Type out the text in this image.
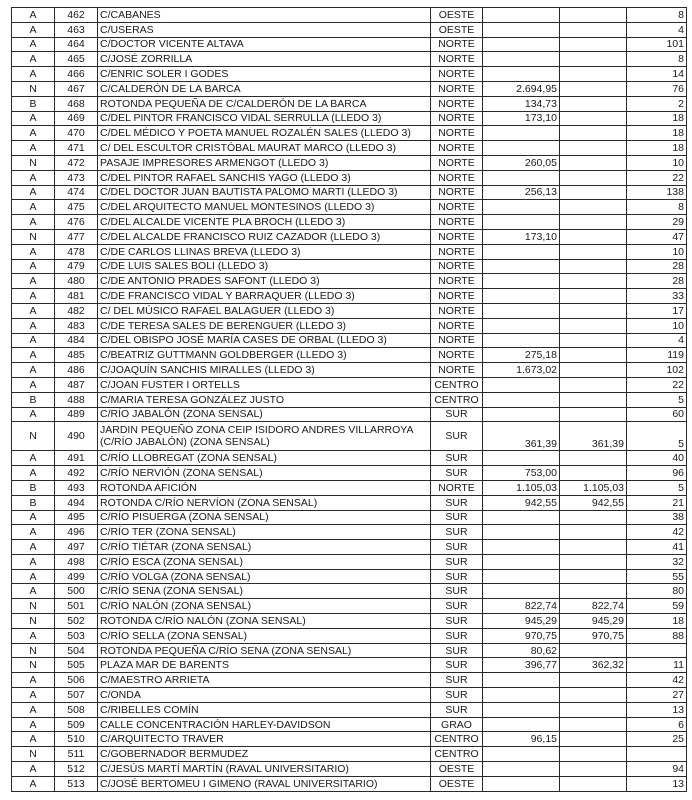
A	462	C/CABANES	OESTE			8
A	463	C/USERAS	OESTE			4
A	464	C/DOCTOR VICENTE ALTAVA	NORTE			101
A	465	C/JOSÉ ZORRILLA	NORTE			8
A	466	C/ENRIC SOLER I GODES	NORTE			14
N	467	C/CALDERÓN DE LA BARCA	NORTE	2.694,95		76
B	468	ROTONDA PEQUEÑA DE C/CALDERÓN DE LA BARCA	NORTE	134,73		2
A	469	C/DEL PINTOR FRANCISCO VIDAL SERRULLA (LLEDO 3)	NORTE	173,10		18
A	470	C/DEL MÉDICO Y POETA MANUEL ROZALÉN SALES (LLEDO 3)	NORTE			18
A	471	C/ DEL ESCULTOR CRISTÓBAL MAURAT MARCO (LLEDO 3)	NORTE			18
N	472	PASAJE IMPRESORES ARMENGOT (LLEDO 3)	NORTE	260,05		10
A	473	C/DEL PINTOR RAFAEL SANCHIS YAGO (LLEDO 3)	NORTE			22
A	474	C/DEL DOCTOR JUAN BAUTISTA PALOMO MARTI (LLEDO 3)	NORTE	256,13		138
A	475	C/DEL ARQUITECTO MANUEL MONTESINOS (LLEDO 3)	NORTE			8
A	476	C/DEL ALCALDE VICENTE PLA BROCH (LLEDO 3)	NORTE			29
N	477	C/DEL ALCALDE FRANCISCO RUIZ CAZADOR (LLEDO 3)	NORTE	173,10		47
A	478	C/DE CARLOS LLINAS BREVA (LLEDO 3)	NORTE			10
A	479	C/DE LUIS SALES BOLI (LLEDO 3)	NORTE			28
A	480	C/DE ANTONIO PRADES SAFONT (LLEDO 3)	NORTE			28
A	481	C/DE FRANCISCO VIDAL Y BARRAQUER (LLEDO 3)	NORTE			33
A	482	C/ DEL MÚSICO RAFAEL BALAGUER (LLEDO 3)	NORTE			17
A	483	C/DE TERESA SALES DE BERENGUER (LLEDO 3)	NORTE			10
A	484	C/DEL OBISPO JOSÉ MARÍA CASES DE ORBAL (LLEDO 3)	NORTE			4
A	485	C/BEATRIZ GUTTMANN GOLDBERGER (LLEDO 3)	NORTE	275,18		119
A	486	C/JOAQUÍN SANCHIS MIRALLES (LLEDO 3)	NORTE	1.673,02		102
A	487	C/JOAN FUSTER I ORTELLS	CENTRO			22
B	488	C/MARIA TERESA GONZÁLEZ JUSTO	CENTRO			5
A	489	C/RÍO JABALÓN (ZONA SENSAL)	SUR			60
N	490	JARDIN PEQUEÑO ZONA CEIP ISIDORO ANDRES VILLARROYA (C/RÍO JABALÓN) (ZONA SENSAL)	SUR	361,39	361,39	5
A	491	C/RÍO LLOBREGAT (ZONA SENSAL)	SUR			40
A	492	C/RÍO NERVIÓN (ZONA SENSAL)	SUR	753,00		96
B	493	ROTONDA AFICIÓN	NORTE	1.105,03	1.105,03	5
B	494	ROTONDA C/RÍO NERVÍON (ZONA SENSAL)	SUR	942,55	942,55	21
A	495	C/RÍO PISUERGA (ZONA SENSAL)	SUR			38
A	496	C/RÍO TER (ZONA SENSAL)	SUR			42
A	497	C/RÍO TIÉTAR (ZONA SENSAL)	SUR			41
A	498	C/RÍO ESCA (ZONA SENSAL)	SUR			32
A	499	C/RÍO VOLGA (ZONA SENSAL)	SUR			55
A	500	C/RÍO SENA (ZONA SENSAL)	SUR			80
N	501	C/RÍO NALÓN (ZONA SENSAL)	SUR	822,74	822,74	59
N	502	ROTONDA C/RÍO NALÓN (ZONA SENSAL)	SUR	945,29	945,29	18
A	503	C/RÍO SELLA (ZONA SENSAL)	SUR	970,75	970,75	88
N	504	ROTONDA PEQUEÑA C/RÍO SENA (ZONA SENSAL)	SUR	80,62		
N	505	PLAZA MAR DE BARENTS	SUR	396,77	362,32	11
A	506	C/MAESTRO ARRIETA	SUR			42
A	507	C/ONDA	SUR			27
A	508	C/RIBELLES COMÍN	SUR			13
A	509	CALLE CONCENTRACIÓN HARLEY-DAVIDSON	GRAO			6
A	510	C/ARQUITECTO TRAVER	CENTRO	96,15		25
N	511	C/GOBERNADOR BERMUDEZ	CENTRO			
A	512	C/JESÚS MARTÍ MARTÍN (RAVAL UNIVERSITARIO)	OESTE			94
A	513	C/JOSÉ BERTOMEU I GIMENO (RAVAL UNIVERSITARIO)	OESTE			13
